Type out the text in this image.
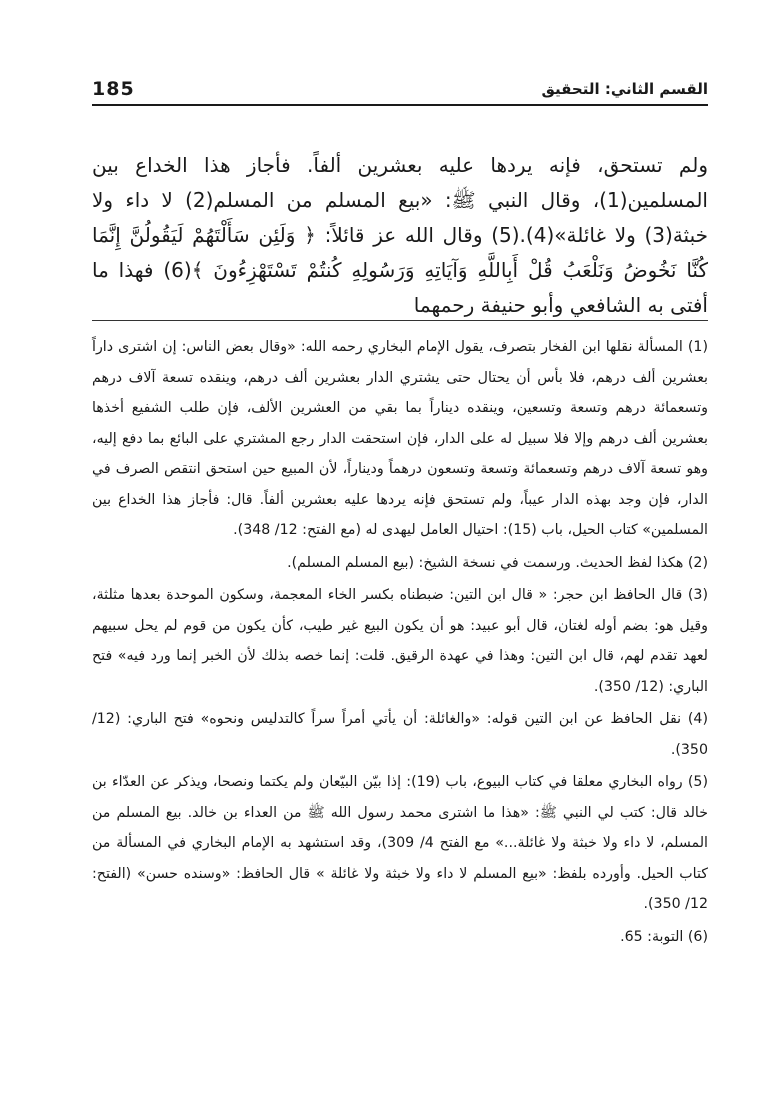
185	القسم الثاني: التحقيق
ولم تستحق، فإنه يردها عليه بعشرين ألفاً. فأجاز هذا الخداع بين المسلمين(1)، وقال النبي ﷺ: «بيع المسلم من المسلم(2) لا داء ولا خبثة(3) ولا غائلة»(4).(5) وقال الله عز قائلاً: ﴿ وَلَئِن سَأَلْتَهُمْ لَيَقُولُنَّ إِنَّمَا كُنَّا نَخُوضُ وَنَلْعَبُ قُلْ أَبِاللَّهِ وَآيَاتِهِ وَرَسُولِهِ كُنتُمْ تَسْتَهْزِءُونَ ﴾(6) فهذا ما أفتى به الشافعي وأبو حنيفة رحمهما

(1) المسألة نقلها ابن الفخار بتصرف، يقول الإمام البخاري رحمه الله: «وقال بعض الناس: إن اشترى داراً بعشرين ألف درهم، فلا بأس أن يحتال حتى يشتري الدار بعشرين ألف درهم، وينقده تسعة آلاف درهم وتسعمائة درهم وتسعة وتسعين، وينقده ديناراً بما بقي من العشرين الألف، فإن طلب الشفيع أخذها بعشرين ألف درهم وإلا فلا سبيل له على الدار، فإن استحقت الدار رجع المشتري على البائع بما دفع إليه، وهو تسعة آلاف درهم وتسعمائة وتسعة وتسعون درهماً وديناراً، لأن المبيع حين استحق انتقص الصرف في الدار، فإن وجد بهذه الدار عيباً، ولم تستحق فإنه يردها عليه بعشرين ألفاً. قال: فأجاز هذا الخداع بين المسلمين» كتاب الحيل، باب (15): احتيال العامل ليهدى له (مع الفتح: 12/ 348).

(2) هكذا لفظ الحديث. ورسمت في نسخة الشيخ: (بيع المسلم المسلم).

(3) قال الحافظ ابن حجر: « قال ابن التين: ضبطناه بكسر الخاء المعجمة، وسكون الموحدة بعدها مثلثة، وقيل هو: بضم أوله لغتان، قال أبو عبيد: هو أن يكون البيع غير طيب، كأن يكون من قوم لم يحل سبيهم لعهد تقدم لهم، قال ابن التين: وهذا في عهدة الرقيق. قلت: إنما خصه بذلك لأن الخبر إنما ورد فيه» فتح الباري: (12/ 350).

(4) نقل الحافظ عن ابن التين قوله: «والغائلة: أن يأتي أمراً سراً كالتدليس ونحوه» فتح الباري: (12/ 350).

(5) رواه البخاري معلقا في كتاب البيوع، باب (19): إذا بيّن البيّعان ولم يكتما ونصحا، ويذكر عن العدّاء بن خالد قال: كتب لي النبي ﷺ: «هذا ما اشترى محمد رسول الله ﷺ من العداء بن خالد. بيع المسلم من المسلم، لا داء ولا خبثة ولا غائلة...» مع الفتح 4/ 309)، وقد استشهد به الإمام البخاري في المسألة من كتاب الحيل. وأورده بلفظ: «بيع المسلم لا داء ولا خبثة ولا غائلة » قال الحافظ: «وسنده حسن» (الفتح: 12/ 350).

(6) التوبة: 65.
